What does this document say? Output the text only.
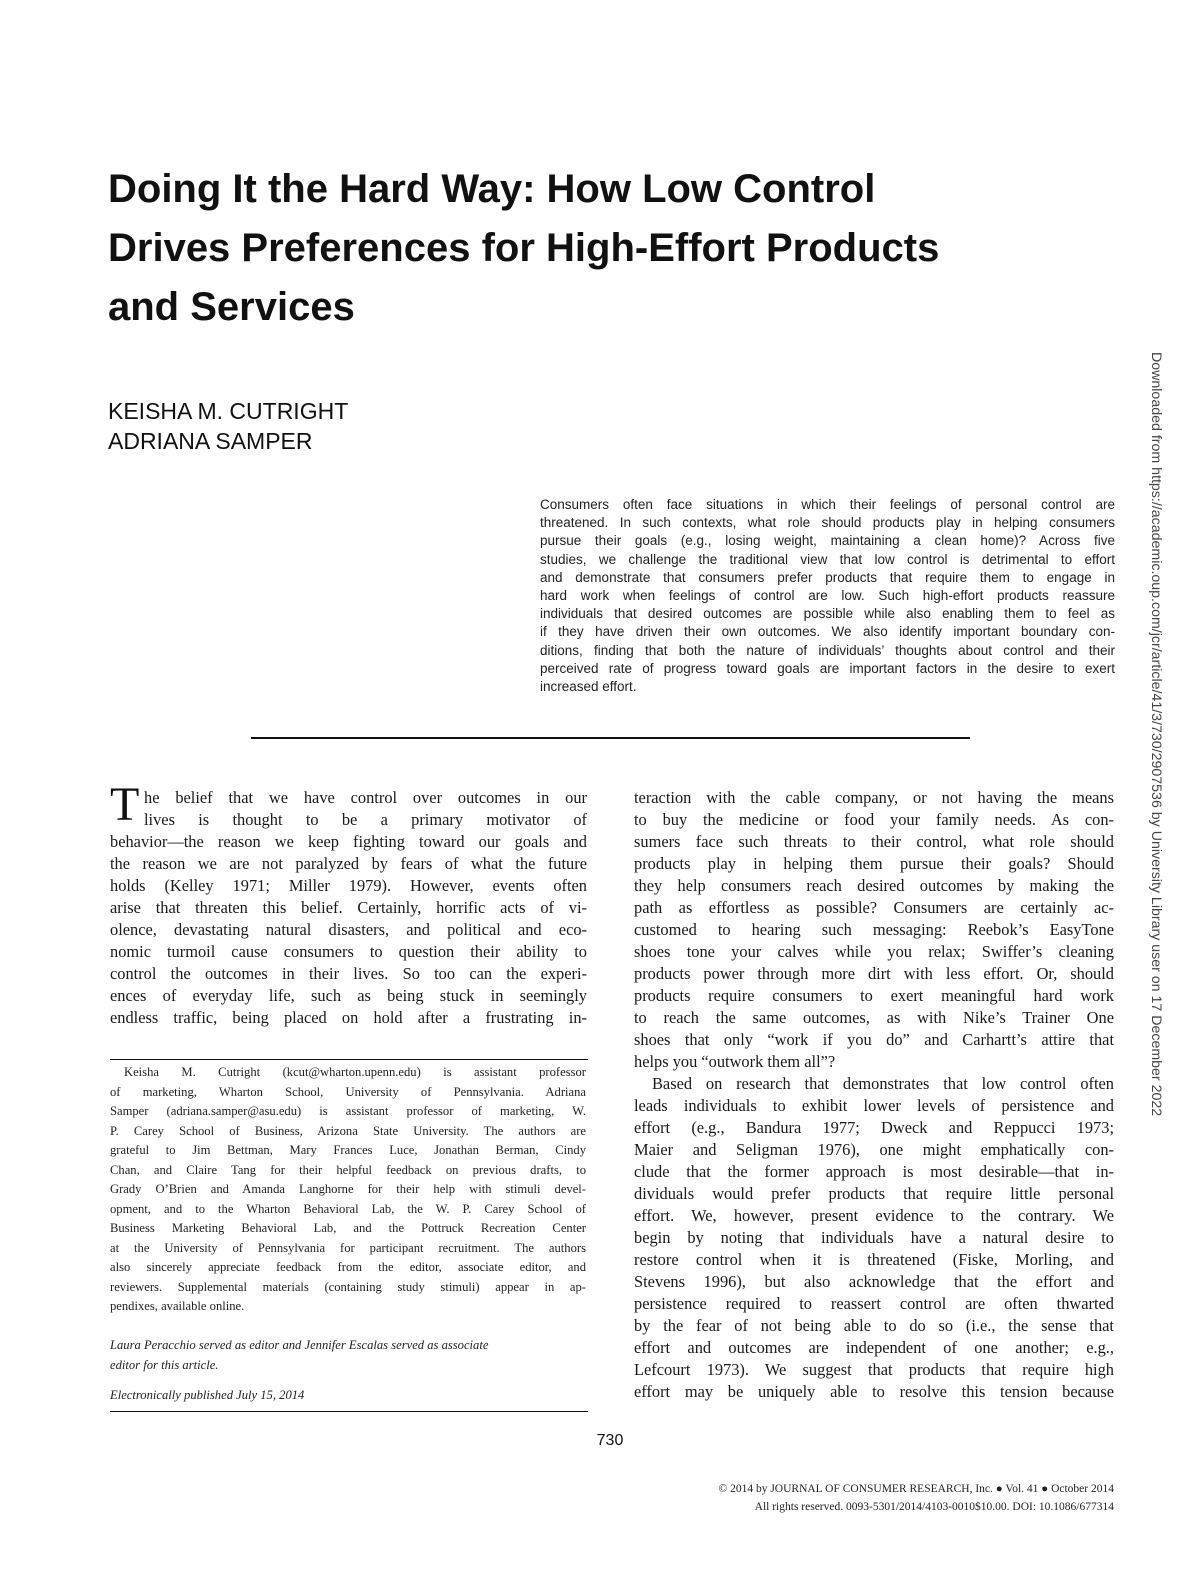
Doing It the Hard Way: How Low Control
Drives Preferences for High-Effort Products
and Services
KEISHA M. CUTRIGHT
ADRIANA SAMPER
Consumers often face situations in which their feelings of personal control are
threatened. In such contexts, what role should products play in helping consumers
pursue their goals (e.g., losing weight, maintaining a clean home)? Across five
studies, we challenge the traditional view that low control is detrimental to effort
and demonstrate that consumers prefer products that require them to engage in
hard work when feelings of control are low. Such high-effort products reassure
individuals that desired outcomes are possible while also enabling them to feel as
if they have driven their own outcomes. We also identify important boundary con-
ditions, finding that both the nature of individuals’ thoughts about control and their
perceived rate of progress toward goals are important factors in the desire to exert
increased effort.
T he belief that we have control over outcomes in our
lives is thought to be a primary motivator of
behavior—the reason we keep fighting toward our goals and
the reason we are not paralyzed by fears of what the future
holds (Kelley 1971; Miller 1979). However, events often
arise that threaten this belief. Certainly, horrific acts of vi-
olence, devastating natural disasters, and political and eco-
nomic turmoil cause consumers to question their ability to
control the outcomes in their lives. So too can the experi-
ences of everyday life, such as being stuck in seemingly
endless traffic, being placed on hold after a frustrating in-
Keisha M. Cutright (kcut@wharton.upenn.edu) is assistant professor
of marketing, Wharton School, University of Pennsylvania. Adriana
Samper (adriana.samper@asu.edu) is assistant professor of marketing, W.
P. Carey School of Business, Arizona State University. The authors are
grateful to Jim Bettman, Mary Frances Luce, Jonathan Berman, Cindy
Chan, and Claire Tang for their helpful feedback on previous drafts, to
Grady O’Brien and Amanda Langhorne for their help with stimuli devel-
opment, and to the Wharton Behavioral Lab, the W. P. Carey School of
Business Marketing Behavioral Lab, and the Pottruck Recreation Center
at the University of Pennsylvania for participant recruitment. The authors
also sincerely appreciate feedback from the editor, associate editor, and
reviewers. Supplemental materials (containing study stimuli) appear in ap-
pendixes, available online.
Laura Peracchio served as editor and Jennifer Escalas served as associate
editor for this article.
Electronically published July 15, 2014
teraction with the cable company, or not having the means
to buy the medicine or food your family needs. As con-
sumers face such threats to their control, what role should
products play in helping them pursue their goals? Should
they help consumers reach desired outcomes by making the
path as effortless as possible? Consumers are certainly ac-
customed to hearing such messaging: Reebok’s EasyTone
shoes tone your calves while you relax; Swiffer’s cleaning
products power through more dirt with less effort. Or, should
products require consumers to exert meaningful hard work
to reach the same outcomes, as with Nike’s Trainer One
shoes that only “work if you do” and Carhartt’s attire that
helps you “outwork them all”?
Based on research that demonstrates that low control often
leads individuals to exhibit lower levels of persistence and
effort (e.g., Bandura 1977; Dweck and Reppucci 1973;
Maier and Seligman 1976), one might emphatically con-
clude that the former approach is most desirable—that in-
dividuals would prefer products that require little personal
effort. We, however, present evidence to the contrary. We
begin by noting that individuals have a natural desire to
restore control when it is threatened (Fiske, Morling, and
Stevens 1996), but also acknowledge that the effort and
persistence required to reassert control are often thwarted
by the fear of not being able to do so (i.e., the sense that
effort and outcomes are independent of one another; e.g.,
Lefcourt 1973). We suggest that products that require high
effort may be uniquely able to resolve this tension because
730
© 2014 by JOURNAL OF CONSUMER RESEARCH, Inc. ● Vol. 41 ● October 2014
All rights reserved. 0093-5301/2014/4103-0010$10.00. DOI: 10.1086/677314
Downloaded from https://academic.oup.com/jcr/article/41/3/730/2907536 by University Library user on 17 December 2022
